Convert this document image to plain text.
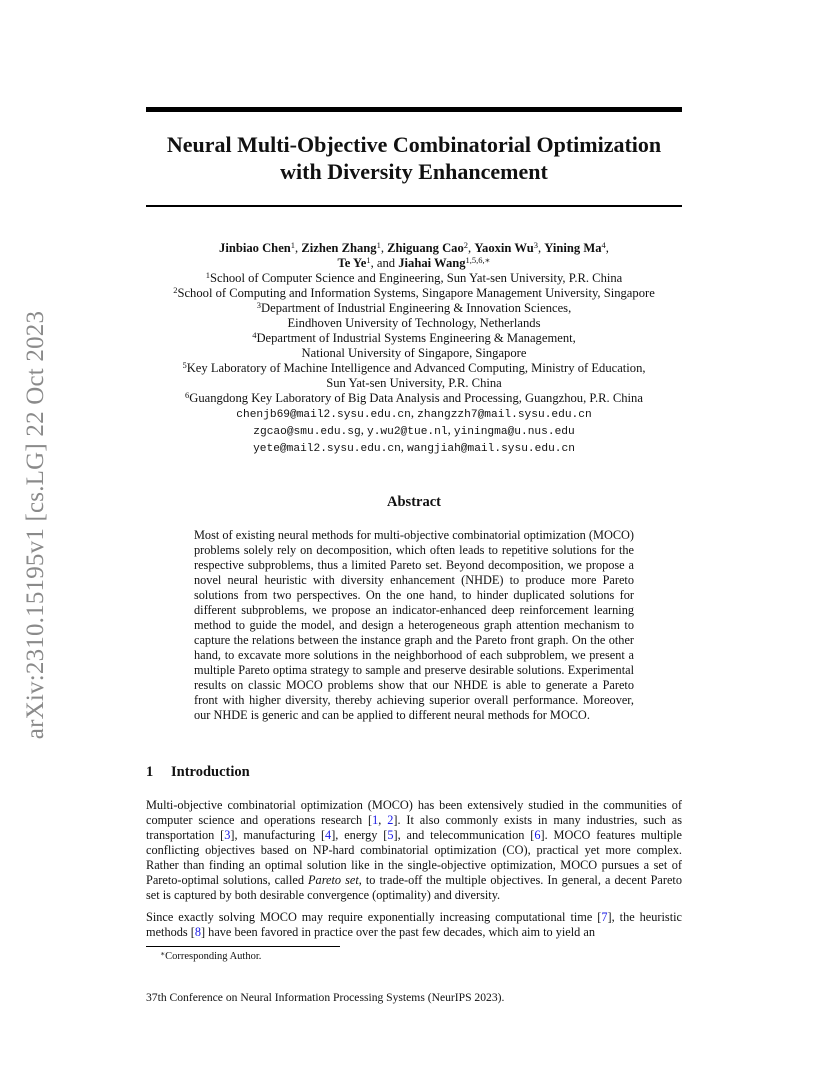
Neural Multi-Objective Combinatorial Optimization
with Diversity Enhancement
arXiv:2310.15195v1 [cs.LG] 22 Oct 2023
Jinbiao Chen$^1$, Zizhen Zhang$^1$, Zhiguang Cao$^2$, Yaoxin Wu$^3$, Yining Ma$^4$,
Te Ye$^1$, and Jiahai Wang$^{1,5,6,∗}$
$^1$School of Computer Science and Engineering, Sun Yat-sen University, P.R. China
$^2$School of Computing and Information Systems, Singapore Management University, Singapore
$^3$Department of Industrial Engineering & Innovation Sciences,
Eindhoven University of Technology, Netherlands
$^4$Department of Industrial Systems Engineering & Management,
National University of Singapore, Singapore
$^5$Key Laboratory of Machine Intelligence and Advanced Computing, Ministry of Education,
Sun Yat-sen University, P.R. China
$^6$Guangdong Key Laboratory of Big Data Analysis and Processing, Guangzhou, P.R. China
chenjb69@mail2.sysu.edu.cn, zhangzzh7@mail.sysu.edu.cn
zgcao@smu.edu.sg, y.wu2@tue.nl, yiningma@u.nus.edu
yete@mail2.sysu.edu.cn, wangjiah@mail.sysu.edu.cn
Abstract

Most of existing neural methods for multi-objective combinatorial optimization (MOCO) problems solely rely on decomposition, which often leads to repetitive solutions for the respective subproblems, thus a limited Pareto set. Beyond decomposition, we propose a novel neural heuristic with diversity enhancement (NHDE) to produce more Pareto solutions from two perspectives. On the one hand, to hinder duplicated solutions for different subproblems, we propose an indicator-enhanced deep reinforcement learning method to guide the model, and design a heterogeneous graph attention mechanism to capture the relations between the instance graph and the Pareto front graph. On the other hand, to excavate more solutions in the neighborhood of each subproblem, we present a multiple Pareto optima strategy to sample and preserve desirable solutions. Experimental results on classic MOCO problems show that our NHDE is able to generate a Pareto front with higher diversity, thereby achieving superior overall performance. Moreover, our NHDE is generic and can be applied to different neural methods for MOCO.

1 Introduction

Multi-objective combinatorial optimization (MOCO) has been extensively studied in the communities of computer science and operations research [1, 2]. It also commonly exists in many industries, such as transportation [3], manufacturing [4], energy [5], and telecommunication [6]. MOCO features multiple conflicting objectives based on NP-hard combinatorial optimization (CO), practical yet more complex. Rather than finding an optimal solution like in the single-objective optimization, MOCO pursues a set of Pareto-optimal solutions, called Pareto set, to trade-off the multiple objectives. In general, a decent Pareto set is captured by both desirable convergence (optimality) and diversity.

Since exactly solving MOCO may require exponentially increasing computational time [7], the heuristic methods [8] have been favored in practice over the past few decades, which aim to yield an

∗Corresponding Author.
37th Conference on Neural Information Processing Systems (NeurIPS 2023).
